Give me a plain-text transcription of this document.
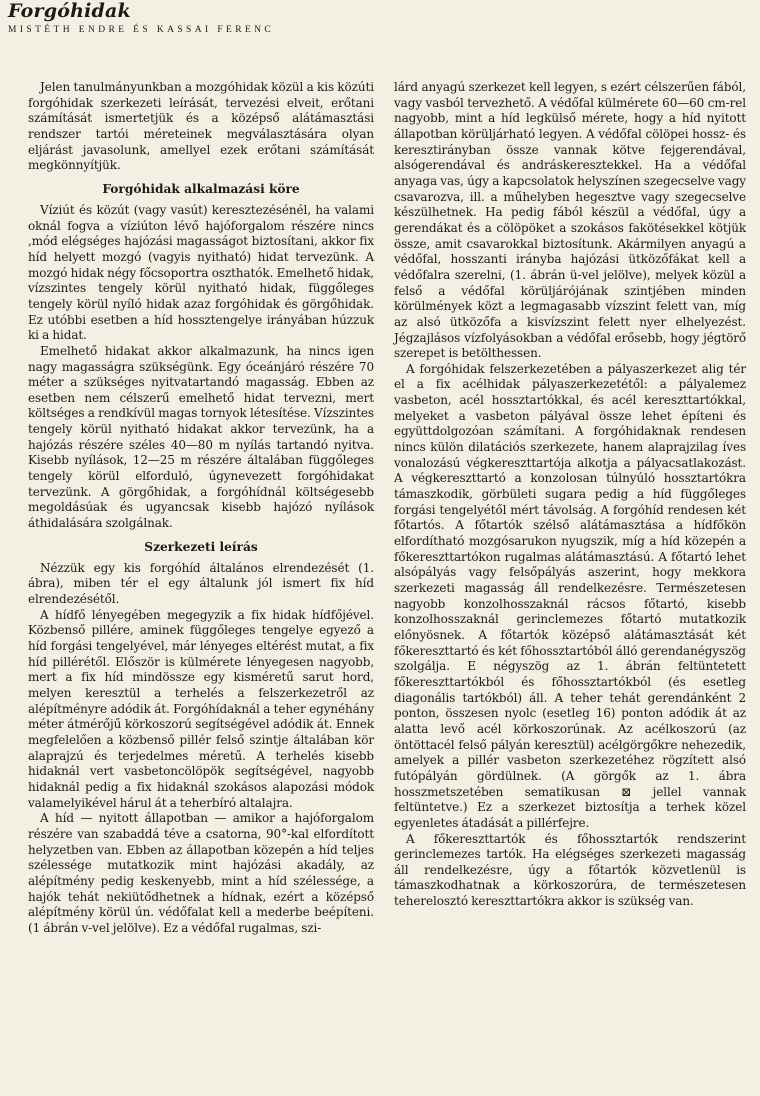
Forgóhidak
MISTÉTH ENDRE ÉS KASSAI FERENC

Jelen tanulmányunkban a mozgóhidak közül a kis közúti forgóhidak szerkezeti leírását, tervezési elveit, erőtani számítását ismertetjük és a középső alátámasztási rendszer tartói méreteinek megválasztására olyan eljárást javasolunk, amellyel ezek erőtani számítását megkönnyítjük.

Forgóhidak alkalmazási köre

Víziút és közút (vagy vasút) keresztezésénél, ha valami oknál fogva a víziúton lévő hajóforgalom részére nincs ,mód elégséges hajózási magasságot biztosítani, akkor fix híd helyett mozgó (vagyis nyitható) hidat tervezünk. A mozgó hidak négy főcsoportra oszthatók. Emelhető hidak, vízszintes tengely körül nyitható hidak, függőleges tengely körül nyíló hidak azaz forgóhidak és görgőhidak. Ez utóbbi esetben a híd hossztengelye irányában húzzuk ki a hidat.

Emelhető hidakat akkor alkalmazunk, ha nincs igen nagy magasságra szükségünk. Egy óceánjáró részére 70 méter a szükséges nyitvatartandó magasság. Ebben az esetben nem célszerű emelhető hidat tervezni, mert költséges a rendkívül magas tornyok létesítése. Vízszintes tengely körül nyitható hidakat akkor tervezünk, ha a hajózás részére széles 40—80 m nyílás tartandó nyitva. Kisebb nyílások, 12—25 m részére általában függőleges tengely körül elforduló, úgynevezett forgóhidakat tervezünk. A görgőhidak, a forgóhídnál költségesebb megoldásúak és ugyancsak kisebb hajózó nyílások áthidalására szolgálnak.

Szerkezeti leírás

Nézzük egy kis forgóhíd általános elrendezését (1. ábra), miben tér el egy általunk jól ismert fix híd elrendezésétől.

A hídfő lényegében megegyzik a fix hidak hídfőjével. Közbenső pillére, aminek függőleges tengelye egyező a híd forgási tengelyével, már lényeges eltérést mutat, a fix híd pillérétől. Először is külmérete lényegesen nagyobb, mert a fix híd mindössze egy kisméretű sarut hord, melyen keresztül a terhelés a felszerkezetről az alépítményre adódik át. Forgóhídaknál a teher egynéhány méter átmérőjű körkoszorú segítségével adódik át. Ennek megfelelően a közbenső pillér felső szintje általában kör alaprajzú és terjedelmes méretű. A terhelés kisebb hidaknál vert vasbetoncölöpök segítségével, nagyobb hidaknál pedig a fix hidaknál szokásos alapozási módok valamelyikével hárul át a teherbíró altalajra.

A híd — nyitott állapotban — amikor a hajóforgalom részére van szabaddá téve a csatorna, 90°-kal elfordított helyzetben van. Ebben az állapotban közepén a híd teljes szélessége mutatkozik mint hajózási akadály, az alépítmény pedig keskenyebb, mint a híd szélessége, a hajók tehát nekiütődhetnek a hídnak, ezért a középső alépítmény körül ún. védőfalat kell a mederbe beépíteni. (1 ábrán v-vel jelölve). Ez a védőfal rugalmas, szi-

lárd anyagú szerkezet kell legyen, s ezért célszerűen fából, vagy vasból tervezhető. A védőfal külmérete 60—60 cm-rel nagyobb, mint a híd legkülső mérete, hogy a híd nyitott állapotban körüljárható legyen. A védőfal cölöpei hossz- és keresztirányban össze vannak kötve fejgerendával, alsógerendával és andráskeresztekkel. Ha a védőfal anyaga vas, úgy a kapcsolatok helyszínen szegecselve vagy csavarozva, ill. a műhelyben hegesztve vagy szegecselve készülhetnek. Ha pedig fából készül a védőfal, úgy a gerendákat és a cölöpöket a szokásos fakötésekkel kötjük össze, amit csavarokkal biztosítunk. Akármilyen anyagú a védőfal, hosszanti irányba hajózási ütközőfákat kell a védőfalra szerelni, (1. ábrán ü-vel jelölve), melyek közül a felső a védőfal körüljárójának szintjében minden körülmények közt a legmagasabb vízszint felett van, míg az alsó ütközőfa a kisvízszint felett nyer elhelyezést. Jégzajlásos vízfolyásokban a védőfal erősebb, hogy jégtörő szerepet is betölthessen.

A forgóhidak felszerkezetében a pályaszerkezet alig tér el a fix acélhidak pályaszerkezetétől: a pályalemez vasbeton, acél hossztartókkal, és acél kereszttartókkal, melyeket a vasbeton pályával össze lehet építeni és együttdolgozóan számítani. A forgóhidaknak rendesen nincs külön dilatációs szerkezete, hanem alaprajzilag íves vonalozású végkereszttartója alkotja a pályacsatlakozást. A végkereszttartó a konzolosan túlnyúló hossztartókra támaszkodik, görbületi sugara pedig a híd függőleges forgási tengelyétől mért távolság. A forgóhíd rendesen két főtartós. A főtartók szélső alátámasztása a hídfőkön elfordítható mozgósarukon nyugszik, míg a híd közepén a főkereszttartókon rugalmas alátámasztású. A főtartó lehet alsópályás vagy felsőpályás aszerint, hogy mekkora szerkezeti magasság áll rendelkezésre. Természetesen nagyobb konzolhosszaknál rácsos főtartó, kisebb konzolhosszaknál gerinclemezes főtartó mutatkozik előnyösnek. A főtartók középső alátámasztását két főkereszttartó és két főhossztartóból álló gerendanégyszög szolgálja. E négyszög az 1. ábrán feltüntetett főkereszttartókból és főhossztartókból (és esetleg diagonális tartókból) áll. A teher tehát gerendánként 2 ponton, összesen nyolc (esetleg 16) ponton adódik át az alatta levő acél körkoszorúnak. Az acélkoszorú (az öntöttacél felső pályán keresztül) acélgörgőkre nehezedik, amelyek a pillér vasbeton szerkezetéhez rögzített alsó futópályán gördülnek. (A görgők az 1. ábra hosszmetszetében sematikusan ⊠ jellel vannak feltüntetve.) Ez a szerkezet biztosítja a terhek közel egyenletes átadását a pillérfejre.

A főkereszttartók és főhossztartók rendszerint gerinclemezes tartók. Ha elégséges szerkezeti magasság áll rendelkezésre, úgy a főtartók közvetlenül is támaszkodhatnak a körkoszorúra, de természetesen teherelosztó kereszttartókra akkor is szükség van.
